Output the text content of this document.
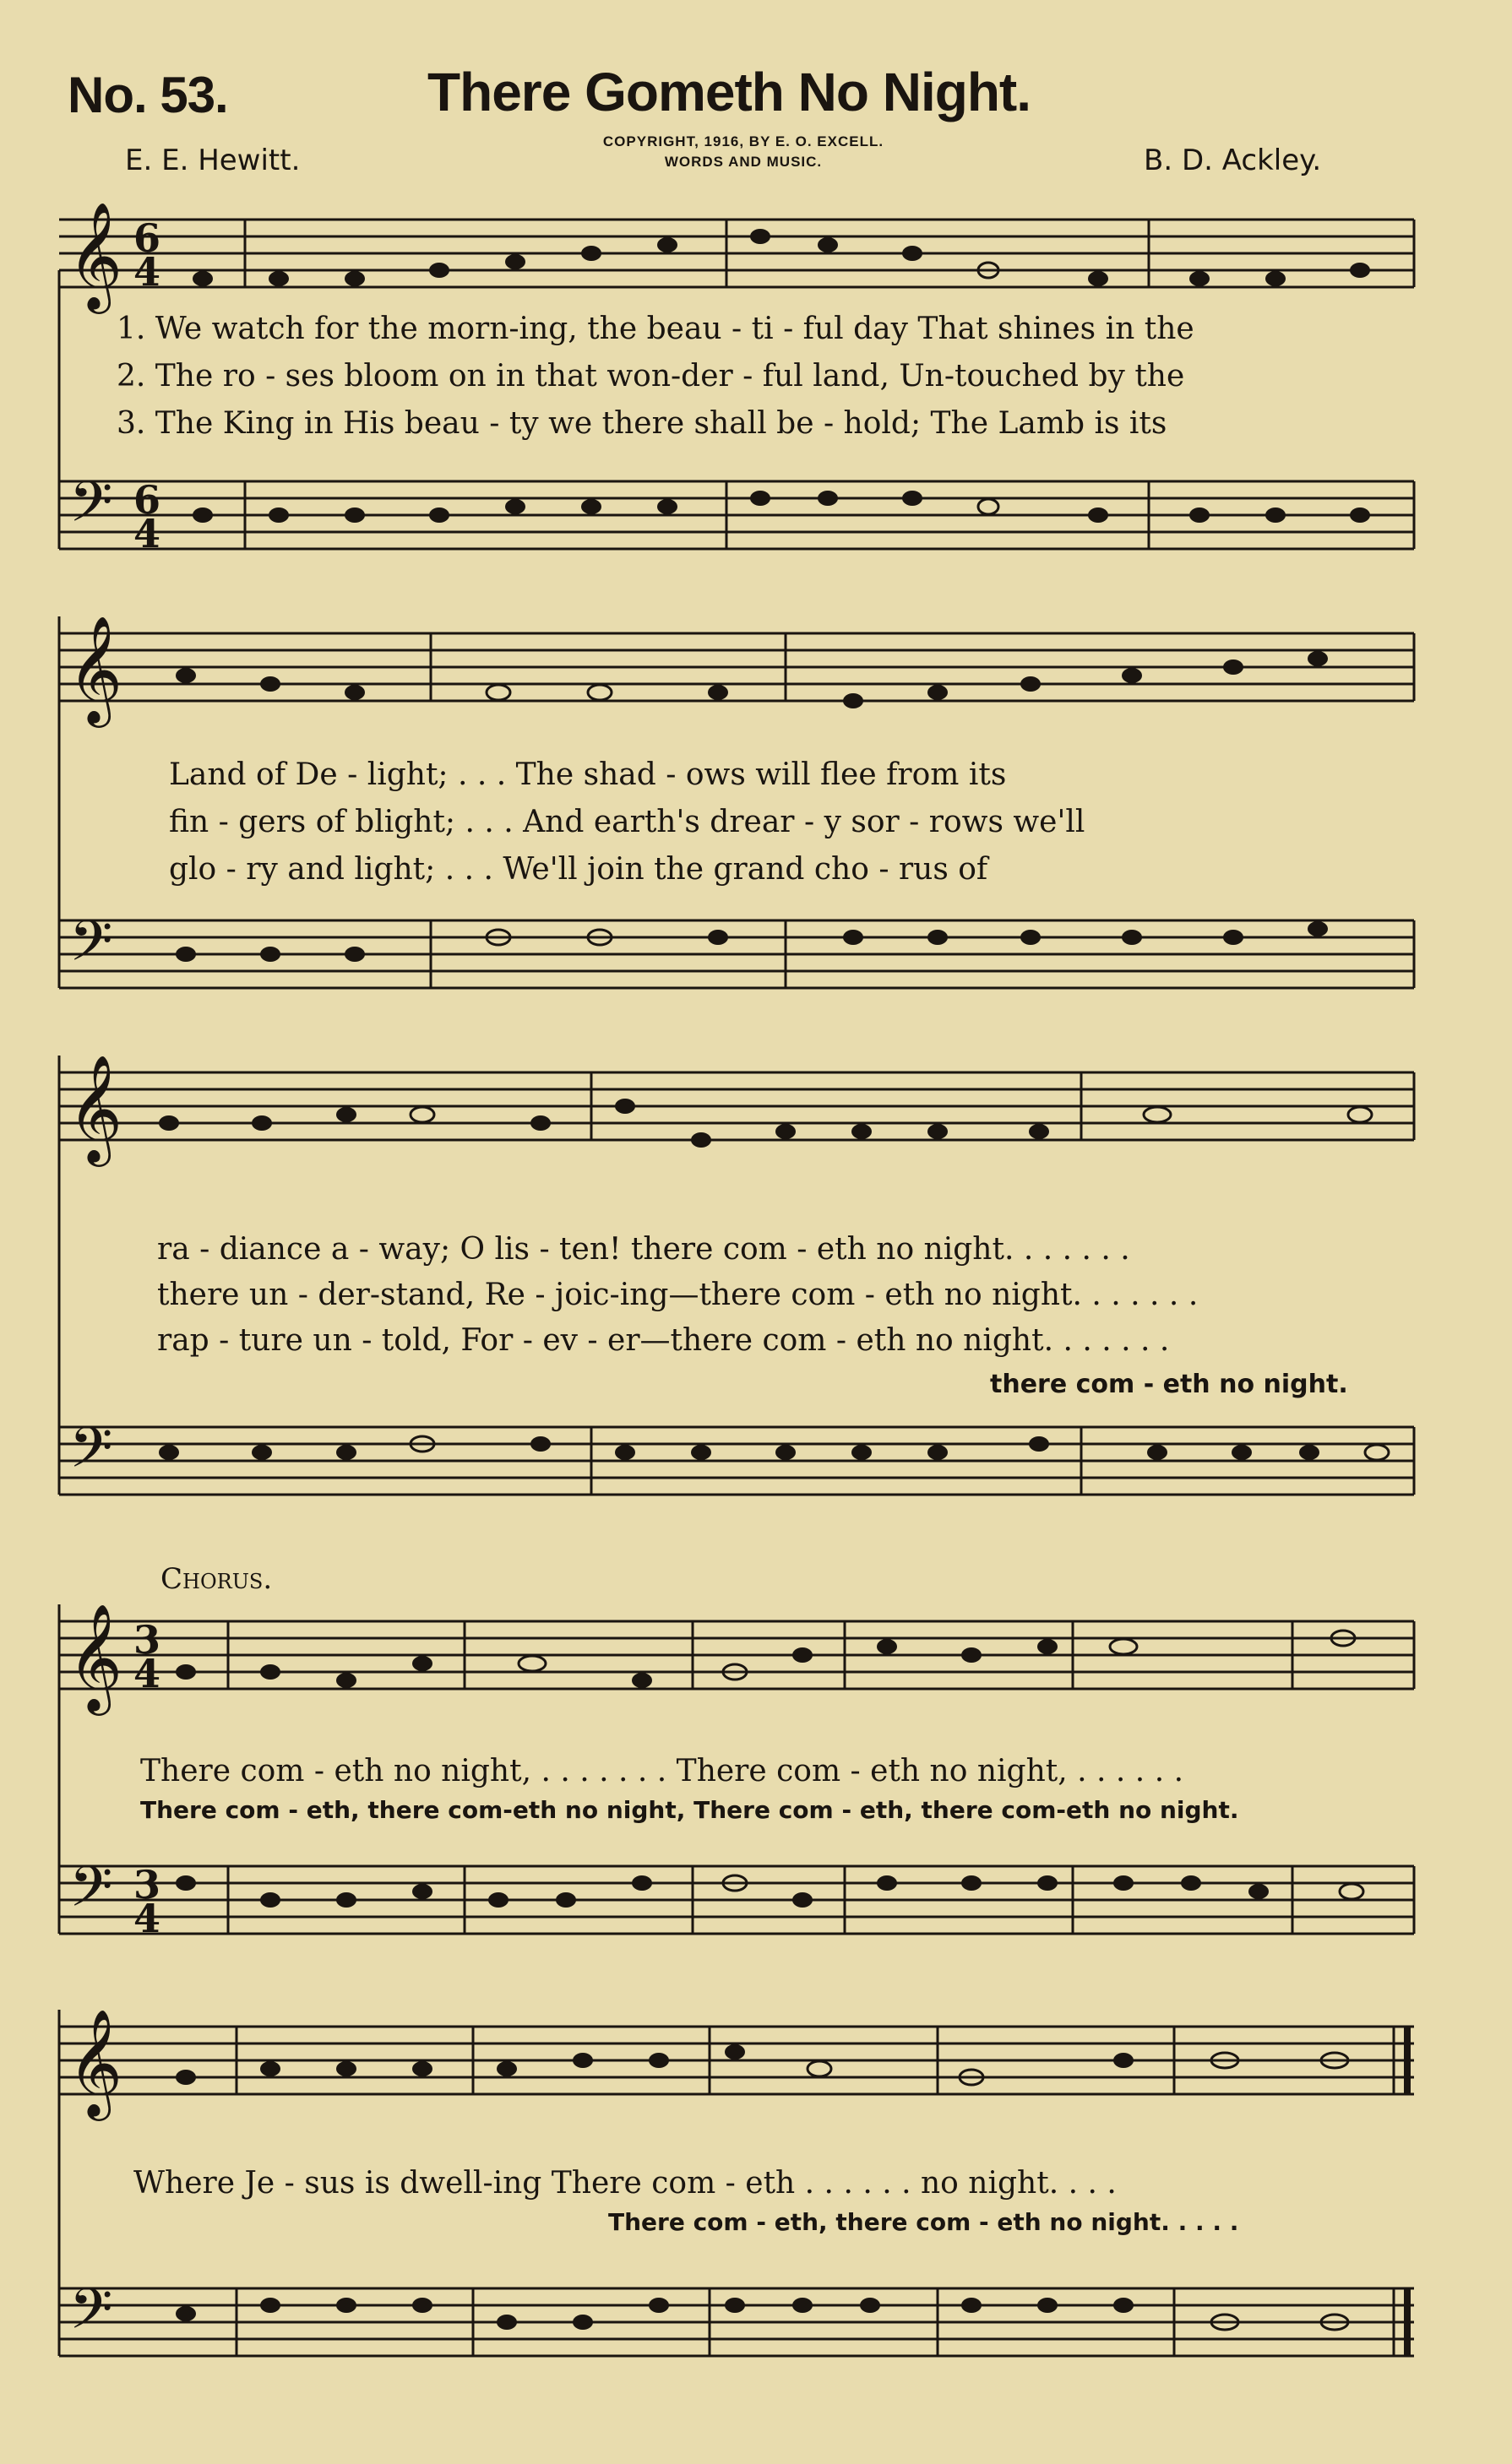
No. 53.	There Gometh No Night.
E. E. Hewitt.
COPYRIGHT, 1916, BY E. O. EXCELL.
WORDS AND MUSIC.	B. D. Ackley.
𝄞 6
4

1. We watch for the morn-ing, the beau - ti - ful day That shines in the

2. The ro - ses bloom on in that won-der - ful land, Un-touched by the

3. The King in His beau - ty we there shall be - hold; The Lamb is its

𝄢 6
4
𝄞

Land of De - light; . . . The shad - ows will flee from its

fin - gers of blight; . . . And earth's drear - y sor - rows we'll

glo - ry and light; . . . We'll join the grand cho - rus of

𝄢
𝄞

ra - diance a - way; O lis - ten! there com - eth no night. . . . . . .

there un - der-stand, Re - joic-ing—there com - eth no night. . . . . . .

rap - ture un - told, For - ev - er—there com - eth no night. . . . . . .

there com - eth no night.

𝄢
Chorus.
𝄞 3
4

There com - eth no night, . . . . . . . There com - eth no night, . . . . . .

There com - eth, there com-eth no night, There com - eth, there com-eth no night.

𝄢 3
4
𝄞

Where Je - sus is dwell-ing There com - eth . . . . . . no night. . . .

There com - eth, there com - eth no night. . . . .

𝄢
